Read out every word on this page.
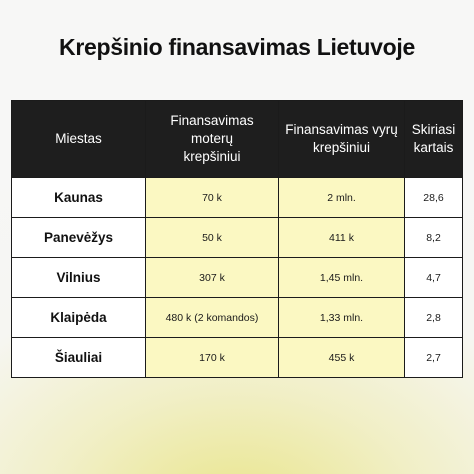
Krepšinio finansavimas Lietuvoje
Miestas	Finansavimas moterų krepšiniui	Finansavimas vyrų krepšiniui	Skiriasi kartais
Kaunas	70 k	2 mln.	28,6
Panevėžys	50 k	411 k	8,2
Vilnius	307 k	1,45 mln.	4,7
Klaipėda	480 k (2 komandos)	1,33 mln.	2,8
Šiauliai	170 k	455 k	2,7
